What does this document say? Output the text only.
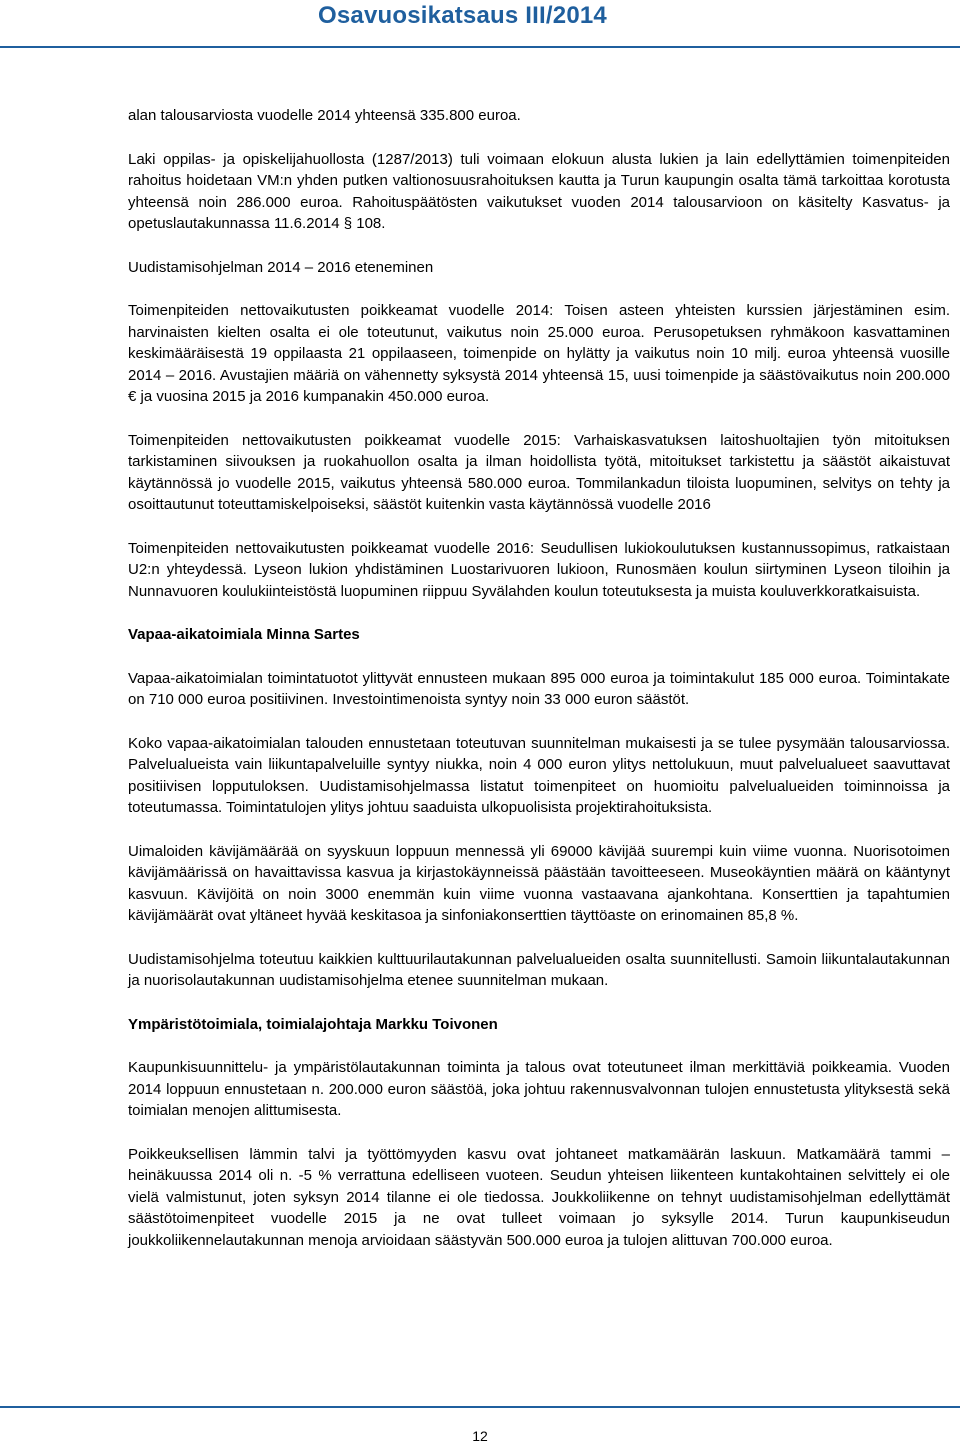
Osavuosikatsaus III/2014

alan talousarviosta vuodelle 2014 yhteensä 335.800 euroa.

Laki oppilas- ja opiskelijahuollosta (1287/2013) tuli voimaan elokuun alusta lukien ja lain edellyttämien toimenpiteiden rahoitus hoidetaan VM:n yhden putken valtionosuusrahoituksen kautta ja Turun kaupungin osalta tämä tarkoittaa korotusta yhteensä noin 286.000 euroa. Rahoituspäätösten vaikutukset vuoden 2014 talousarvioon on käsitelty Kasvatus- ja opetuslautakunnassa 11.6.2014 § 108.

Uudistamisohjelman 2014 – 2016 eteneminen

Toimenpiteiden nettovaikutusten poikkeamat vuodelle 2014: Toisen asteen yhteisten kurssien järjestäminen esim. harvinaisten kielten osalta ei ole toteutunut, vaikutus noin 25.000 euroa. Perusopetuksen ryhmäkoon kasvattaminen keskimääräisestä 19 oppilaasta 21 oppilaaseen, toimenpide on hylätty ja vaikutus noin 10 milj. euroa yhteensä vuosille 2014 – 2016. Avustajien määriä on vähennetty syksystä 2014 yhteensä 15, uusi toimenpide ja säästövaikutus noin 200.000 € ja vuosina 2015 ja 2016 kumpanakin 450.000 euroa.

Toimenpiteiden nettovaikutusten poikkeamat vuodelle 2015: Varhaiskasvatuksen laitoshuoltajien työn mitoituksen tarkistaminen siivouksen ja ruokahuollon osalta ja ilman hoidollista työtä, mitoitukset tarkistettu ja säästöt aikaistuvat käytännössä jo vuodelle 2015, vaikutus yhteensä 580.000 euroa. Tommilankadun tiloista luopuminen, selvitys on tehty ja osoittautunut toteuttamiskelpoiseksi, säästöt kuitenkin vasta käytännössä vuodelle 2016

Toimenpiteiden nettovaikutusten poikkeamat vuodelle 2016: Seudullisen lukiokoulutuksen kustannussopimus, ratkaistaan U2:n yhteydessä. Lyseon lukion yhdistäminen Luostarivuoren lukioon, Runosmäen koulun siirtyminen Lyseon tiloihin ja Nunnavuoren koulukiinteistöstä luopuminen riippuu Syvälahden koulun toteutuksesta ja muista kouluverkkoratkaisuista.

Vapaa-aikatoimiala Minna Sartes

Vapaa-aikatoimialan toimintatuotot ylittyvät ennusteen mukaan 895 000 euroa ja toimintakulut 185 000 euroa. Toimintakate on 710 000 euroa positiivinen. Investointimenoista syntyy noin 33 000 euron säästöt.

Koko vapaa-aikatoimialan talouden ennustetaan toteutuvan suunnitelman mukaisesti ja se tulee pysymään talousarviossa. Palvelualueista vain liikuntapalveluille syntyy niukka, noin 4 000 euron ylitys nettolukuun, muut palvelualueet saavuttavat positiivisen lopputuloksen. Uudistamisohjelmassa listatut toimenpiteet on huomioitu palvelualueiden toiminnoissa ja toteutumassa. Toimintatulojen ylitys johtuu saaduista ulkopuolisista projektirahoituksista.

Uimaloiden kävijämäärää on syyskuun loppuun mennessä yli 69000 kävijää suurempi kuin viime vuonna. Nuorisotoimen kävijämäärissä on havaittavissa kasvua ja kirjastokäynneissä päästään tavoitteeseen. Museokäyntien määrä on kääntynyt kasvuun. Kävijöitä on noin 3000 enemmän kuin viime vuonna vastaavana ajankohtana. Konserttien ja tapahtumien kävijämäärät ovat yltäneet hyvää keskitasoa ja sinfoniakonserttien täyttöaste on erinomainen 85,8 %.

Uudistamisohjelma toteutuu kaikkien kulttuurilautakunnan palvelualueiden osalta suunnitellusti. Samoin liikuntalautakunnan ja nuorisolautakunnan uudistamisohjelma etenee suunnitelman mukaan.

Ympäristötoimiala, toimialajohtaja Markku Toivonen

Kaupunkisuunnittelu- ja ympäristölautakunnan toiminta ja talous ovat toteutuneet ilman merkittäviä poikkeamia. Vuoden 2014 loppuun ennustetaan n. 200.000 euron säästöä, joka johtuu rakennusvalvonnan tulojen ennustetusta ylityksestä sekä toimialan menojen alittumisesta.

Poikkeuksellisen lämmin talvi ja työttömyyden kasvu ovat johtaneet matkamäärän laskuun. Matkamäärä tammi – heinäkuussa 2014 oli n. -5 % verrattuna edelliseen vuoteen. Seudun yhteisen liikenteen kuntakohtainen selvittely ei ole vielä valmistunut, joten syksyn 2014 tilanne ei ole tiedossa. Joukkoliikenne on tehnyt uudistamisohjelman edellyttämät säästötoimenpiteet vuodelle 2015 ja ne ovat tulleet voimaan jo syksylle 2014. Turun kaupunkiseudun joukkoliikennelautakunnan menoja arvioidaan säästyvän 500.000 euroa ja tulojen alittuvan 700.000 euroa.

12
